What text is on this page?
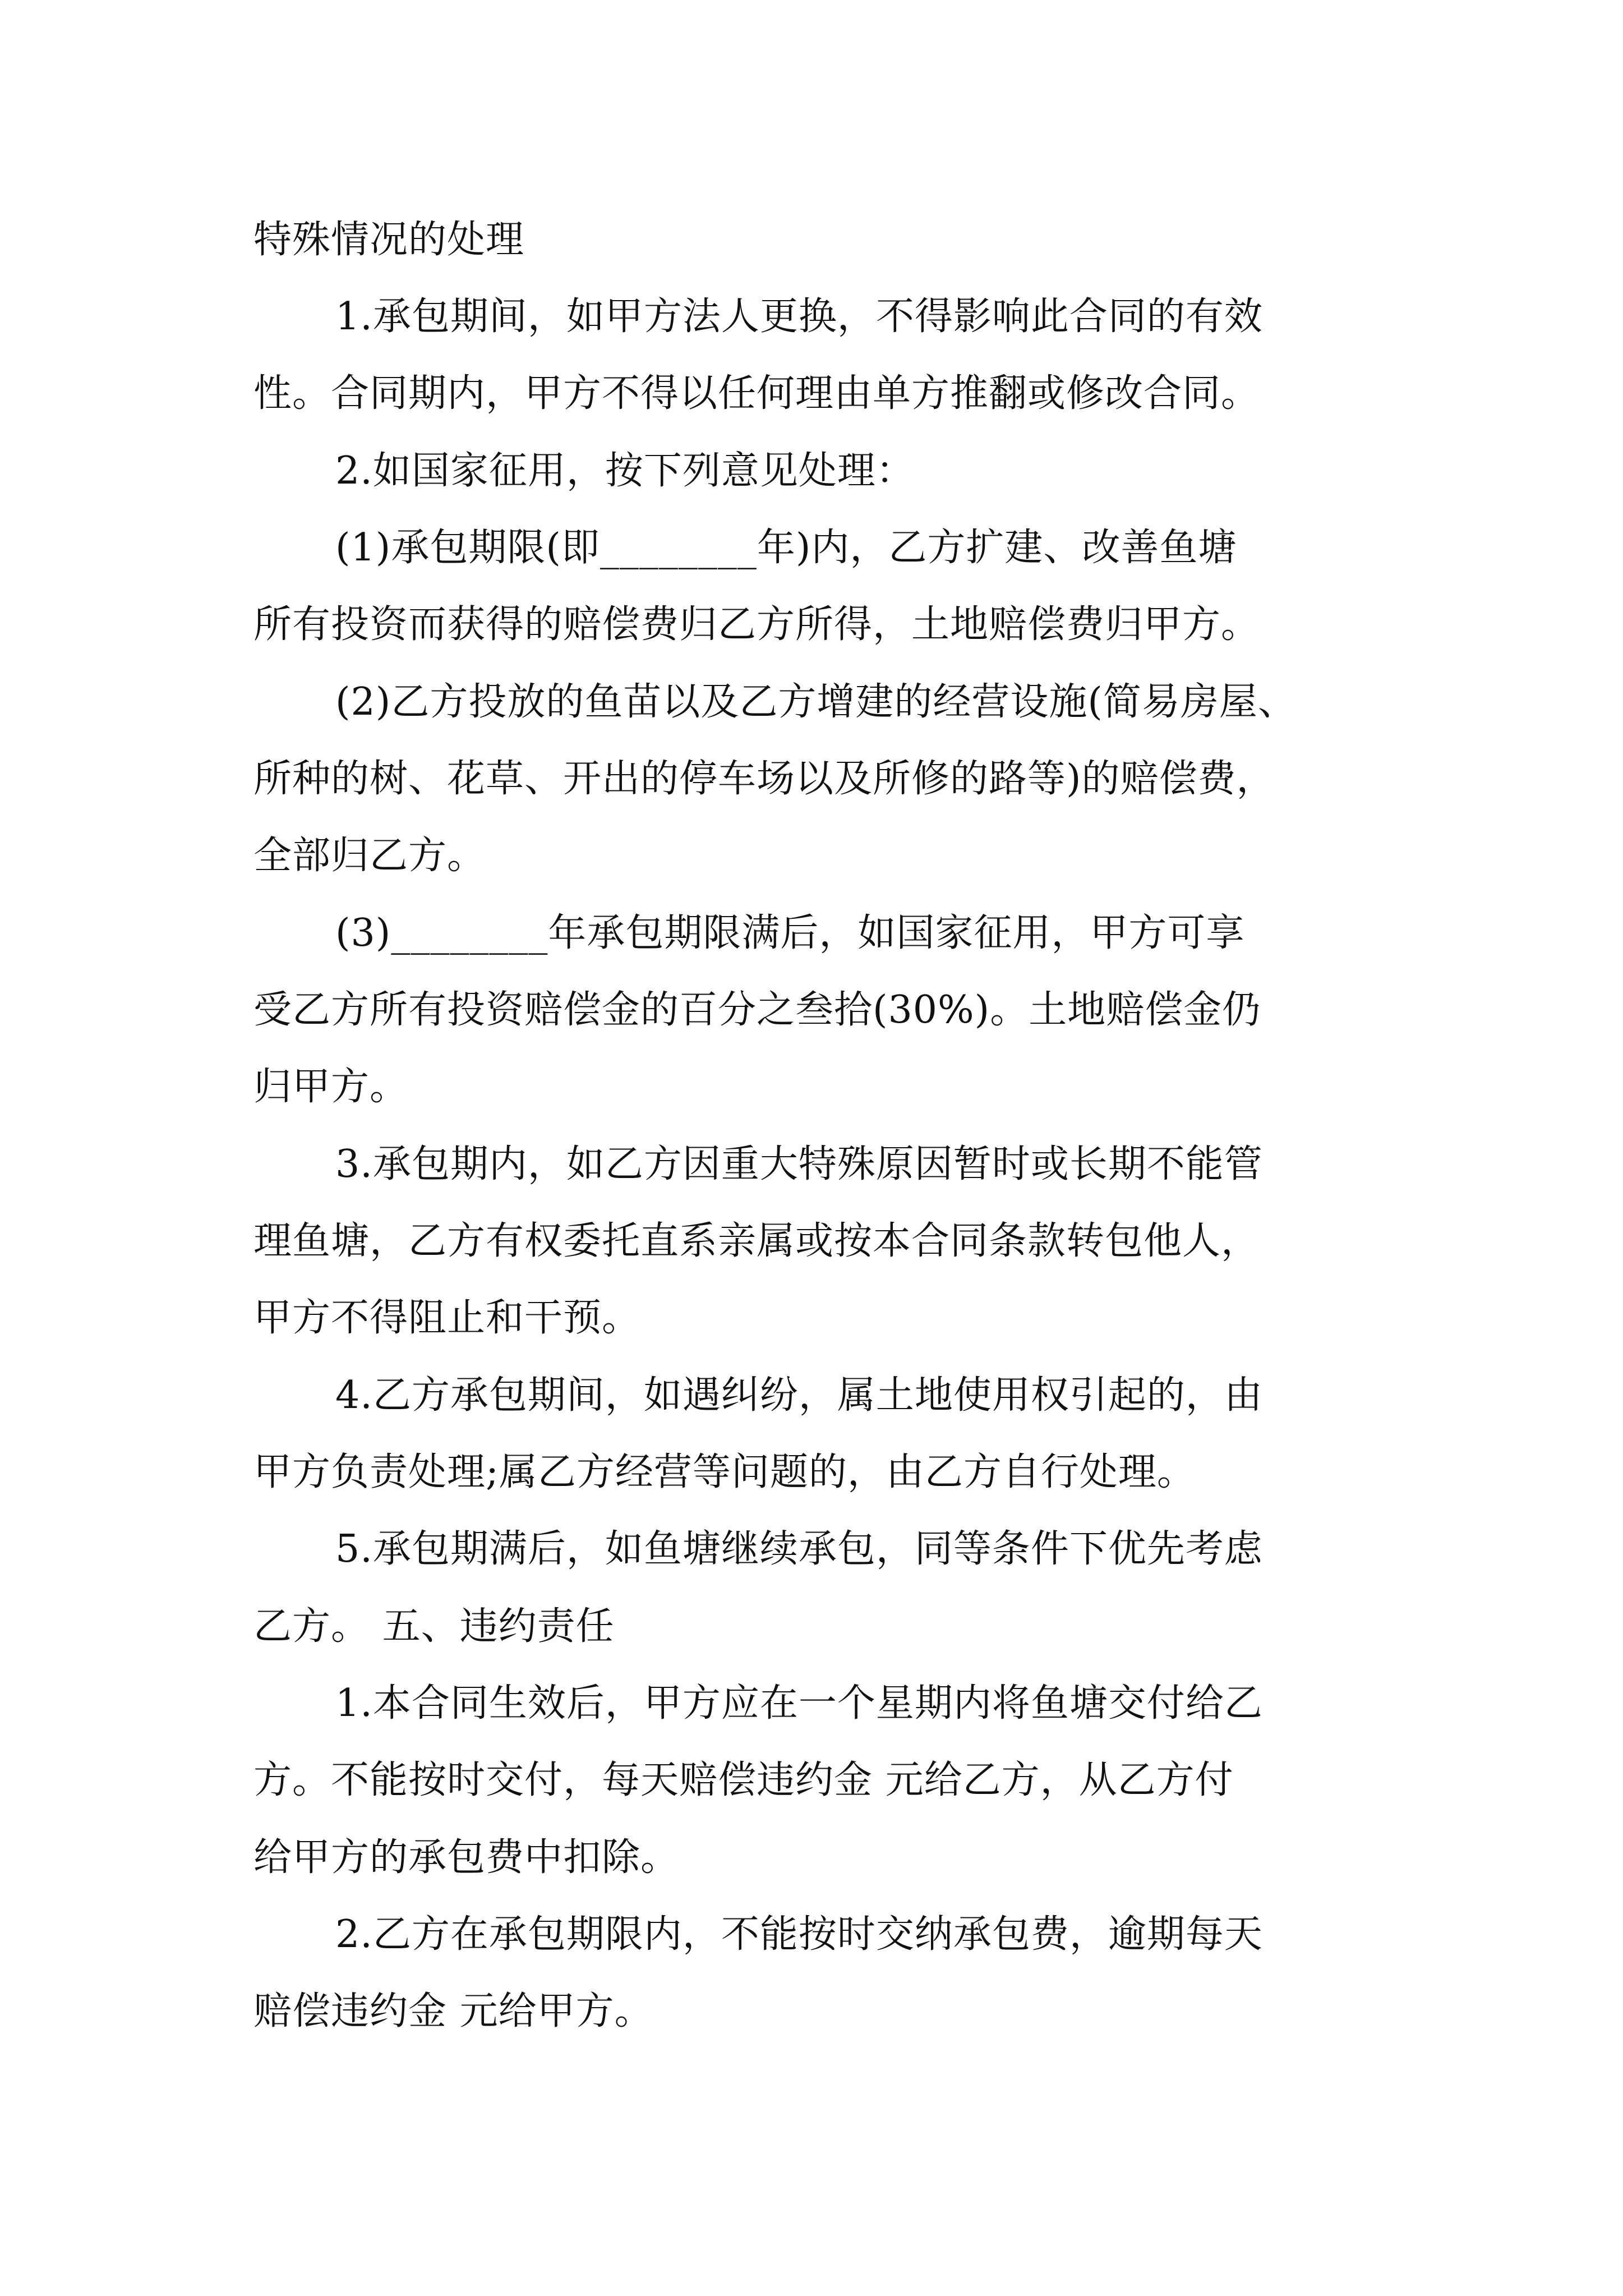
特殊情况的处理

1.承包期间，如甲方法人更换，不得影响此合同的有效

性。合同期内，甲方不得以任何理由单方推翻或修改合同。

2.如国家征用，按下列意见处理：

(1)承包期限(即________年)内，乙方扩建、改善鱼塘

所有投资而获得的赔偿费归乙方所得，土地赔偿费归甲方。

(2)乙方投放的鱼苗以及乙方增建的经营设施(简易房屋、

所种的树、花草、开出的停车场以及所修的路等)的赔偿费，

全部归乙方。

(3)________年承包期限满后，如国家征用，甲方可享

受乙方所有投资赔偿金的百分之叁拾(30%)。土地赔偿金仍

归甲方。

3.承包期内，如乙方因重大特殊原因暂时或长期不能管

理鱼塘，乙方有权委托直系亲属或按本合同条款转包他人，

甲方不得阻止和干预。

4.乙方承包期间，如遇纠纷，属土地使用权引起的，由

甲方负责处理;属乙方经营等问题的，由乙方自行处理。

5.承包期满后，如鱼塘继续承包，同等条件下优先考虑

乙方。 五、违约责任

1.本合同生效后，甲方应在一个星期内将鱼塘交付给乙

方。不能按时交付，每天赔偿违约金 元给乙方，从乙方付

给甲方的承包费中扣除。

2.乙方在承包期限内，不能按时交纳承包费，逾期每天

赔偿违约金 元给甲方。
